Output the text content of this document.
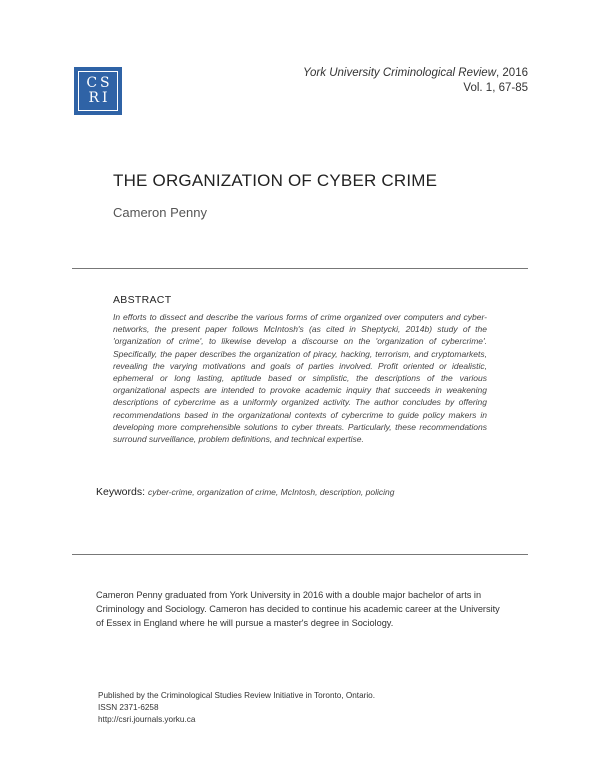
CS
RI
York University Criminological Review, 2016
Vol. 1, 67-85
THE ORGANIZATION OF CYBER CRIME
Cameron Penny
ABSTRACT

In efforts to dissect and describe the various forms of crime organized over computers and cyber-networks, the present paper follows McIntosh's (as cited in Sheptycki, 2014b) study of the 'organization of crime', to likewise develop a discourse on the 'organization of cybercrime'. Specifically, the paper describes the organization of piracy, hacking, terrorism, and cryptomarkets, revealing the varying motivations and goals of parties involved. Profit oriented or idealistic, ephemeral or long lasting, aptitude based or simplistic, the descriptions of the various organizational aspects are intended to provoke academic inquiry that succeeds in weakening descriptions of cybercrime as a uniformly organized activity. The author concludes by offering recommendations based in the organizational contexts of cybercrime to guide policy makers in developing more comprehensible solutions to cyber threats. Particularly, these recommendations surround surveillance, problem definitions, and technical expertise.

Keywords: cyber-crime, organization of crime, McIntosh, description, policing

Cameron Penny graduated from York University in 2016 with a double major bachelor of arts in Criminology and Sociology. Cameron has decided to continue his academic career at the University of Essex in England where he will pursue a master's degree in Sociology.

Published by the Criminological Studies Review Initiative in Toronto, Ontario.
ISSN 2371-6258
http://csri.journals.yorku.ca
